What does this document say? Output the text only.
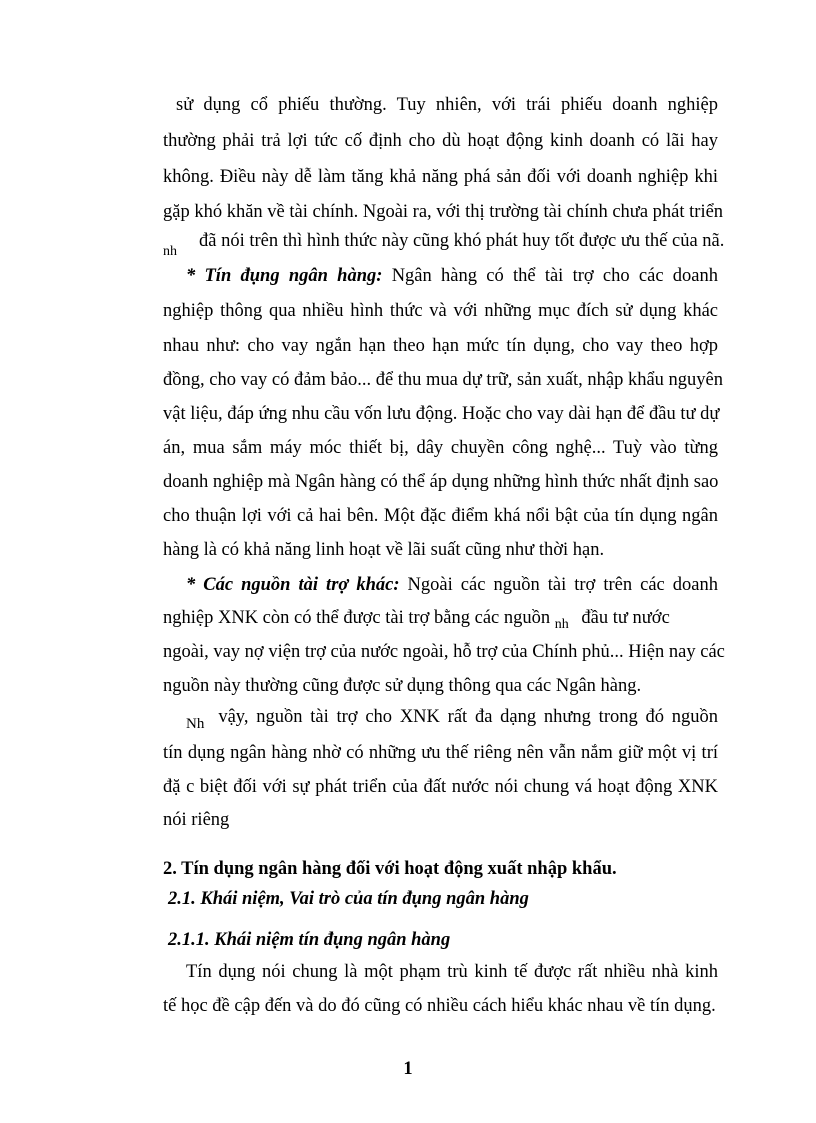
sử dụng cổ phiếu thường. Tuy nhiên, với trái phiếu doanh nghiệp
thường phải trả lợi tức cố định cho dù hoạt động kinh doanh có lãi hay
không. Điều này dễ làm tăng khả năng phá sản đối với doanh nghiệp khi
gặp khó khăn về tài chính. Ngoài ra, với thị trường tài chính chưa phát triển
nhđã nói trên thì hình thức này cũng khó phát huy tốt được ưu thế của nã.
* Tín đụng ngân hàng: Ngân hàng có thể tài trợ cho các doanh
nghiệp thông qua nhiều hình thức và với những mục đích sử dụng khác
nhau như: cho vay ngắn hạn theo hạn mức tín dụng, cho vay theo hợp
đồng, cho vay có đảm bảo... để thu mua dự trữ, sản xuất, nhập khẩu nguyên
vật liệu, đáp ứng nhu cầu vốn lưu động. Hoặc cho vay dài hạn để đầu tư dự
án, mua sắm máy móc thiết bị, dây chuyền công nghệ... Tuỳ vào từng
doanh nghiệp mà Ngân hàng có thể áp dụng những hình thức nhất định sao
cho thuận lợi với cả hai bên. Một đặc điểm khá nổi bật của tín dụng ngân
hàng là có khả năng linh hoạt về lãi suất cũng như thời hạn.
* Các nguồn tài trợ khác: Ngoài các nguồn tài trợ trên các doanh
nghiệp XNK còn có thể được tài trợ bằng các nguồn $_{nh}$ đầu tư nước
ngoài, vay nợ viện trợ của nước ngoài, hỗ trợ của Chính phủ... Hiện nay các
nguồn này thường cũng được sử dụng thông qua các Ngân hàng.
$_{Nh}$ vậy, nguồn tài trợ cho XNK rất đa dạng nhưng trong đó nguồn
tín dụng ngân hàng nhờ có những ưu thế riêng nên vẫn nắm giữ một vị trí
đặ c biệt đối với sự phát triển của đất nước nói chung vá hoạt động XNK
nói riêng
2. Tín dụng ngân hàng đối với hoạt động xuất nhập khẩu.
2.1. Khái niệm, Vai trò của tín đụng ngân hàng
2.1.1. Khái niệm tín đụng ngân hàng
Tín dụng nói chung là một phạm trù kinh tế được rất nhiều nhà kinh
tế học đề cập đến và do đó cũng có nhiều cách hiểu khác nhau về tín dụng.
1
